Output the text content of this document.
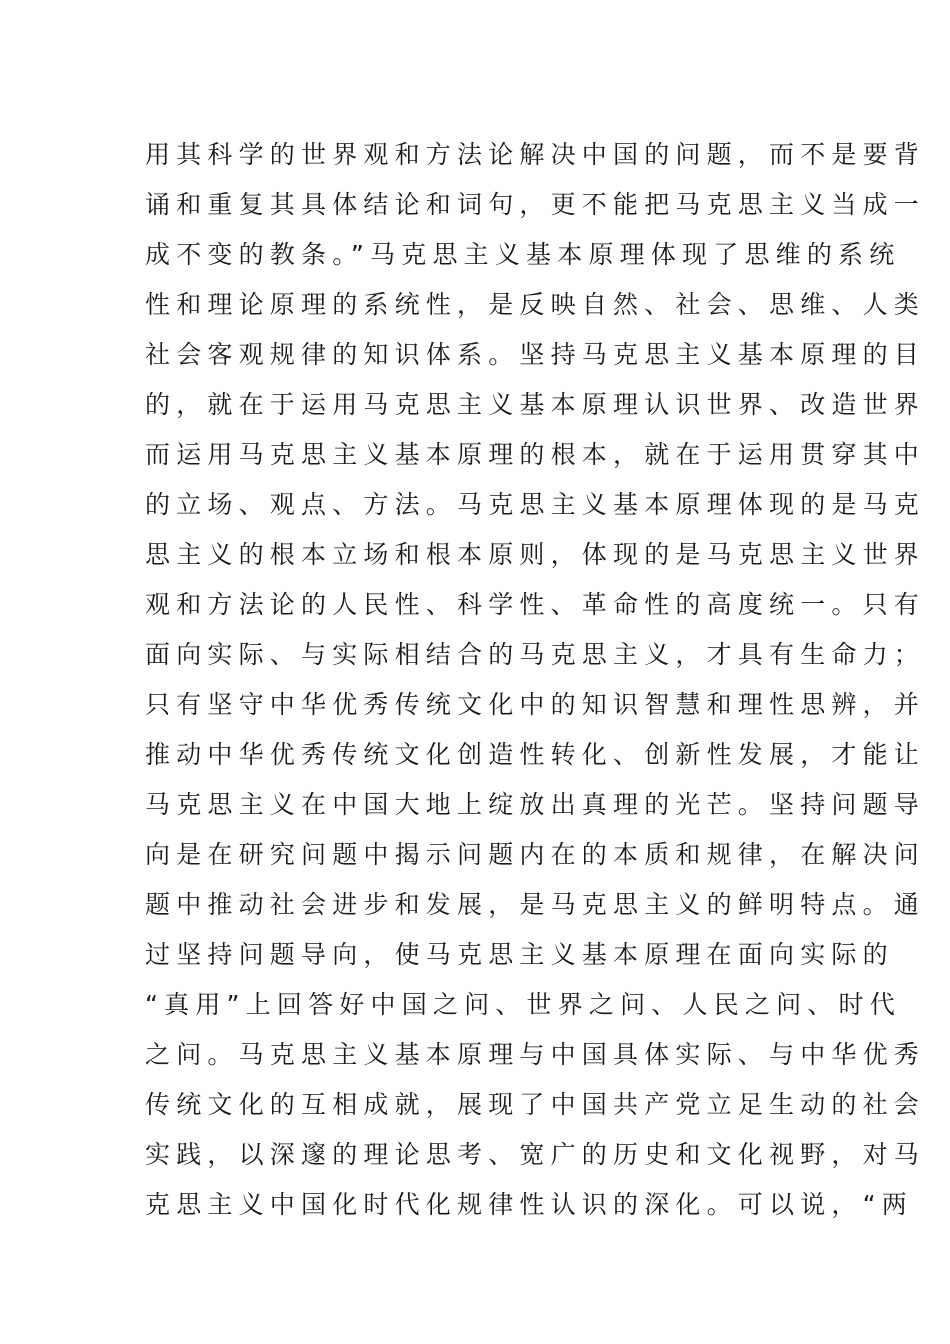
用其科学的世界观和方法论解决中国的问题，而不是要背
诵和重复其具体结论和词句，更不能把马克思主义当成一
成不变的教条。”马克思主义基本原理体现了思维的系统
性和理论原理的系统性，是反映自然、社会、思维、人类
社会客观规律的知识体系。坚持马克思主义基本原理的目
的，就在于运用马克思主义基本原理认识世界、改造世界
而运用马克思主义基本原理的根本，就在于运用贯穿其中
的立场、观点、方法。马克思主义基本原理体现的是马克
思主义的根本立场和根本原则，体现的是马克思主义世界
观和方法论的人民性、科学性、革命性的高度统一。只有
面向实际、与实际相结合的马克思主义，才具有生命力；
只有坚守中华优秀传统文化中的知识智慧和理性思辨，并
推动中华优秀传统文化创造性转化、创新性发展，才能让
马克思主义在中国大地上绽放出真理的光芒。坚持问题导
向是在研究问题中揭示问题内在的本质和规律，在解决问
题中推动社会进步和发展，是马克思主义的鲜明特点。通
过坚持问题导向，使马克思主义基本原理在面向实际的
“真用”上回答好中国之问、世界之问、人民之问、时代
之问。马克思主义基本原理与中国具体实际、与中华优秀
传统文化的互相成就，展现了中国共产党立足生动的社会
实践，以深邃的理论思考、宽广的历史和文化视野，对马
克思主义中国化时代化规律性认识的深化。可以说，“两
